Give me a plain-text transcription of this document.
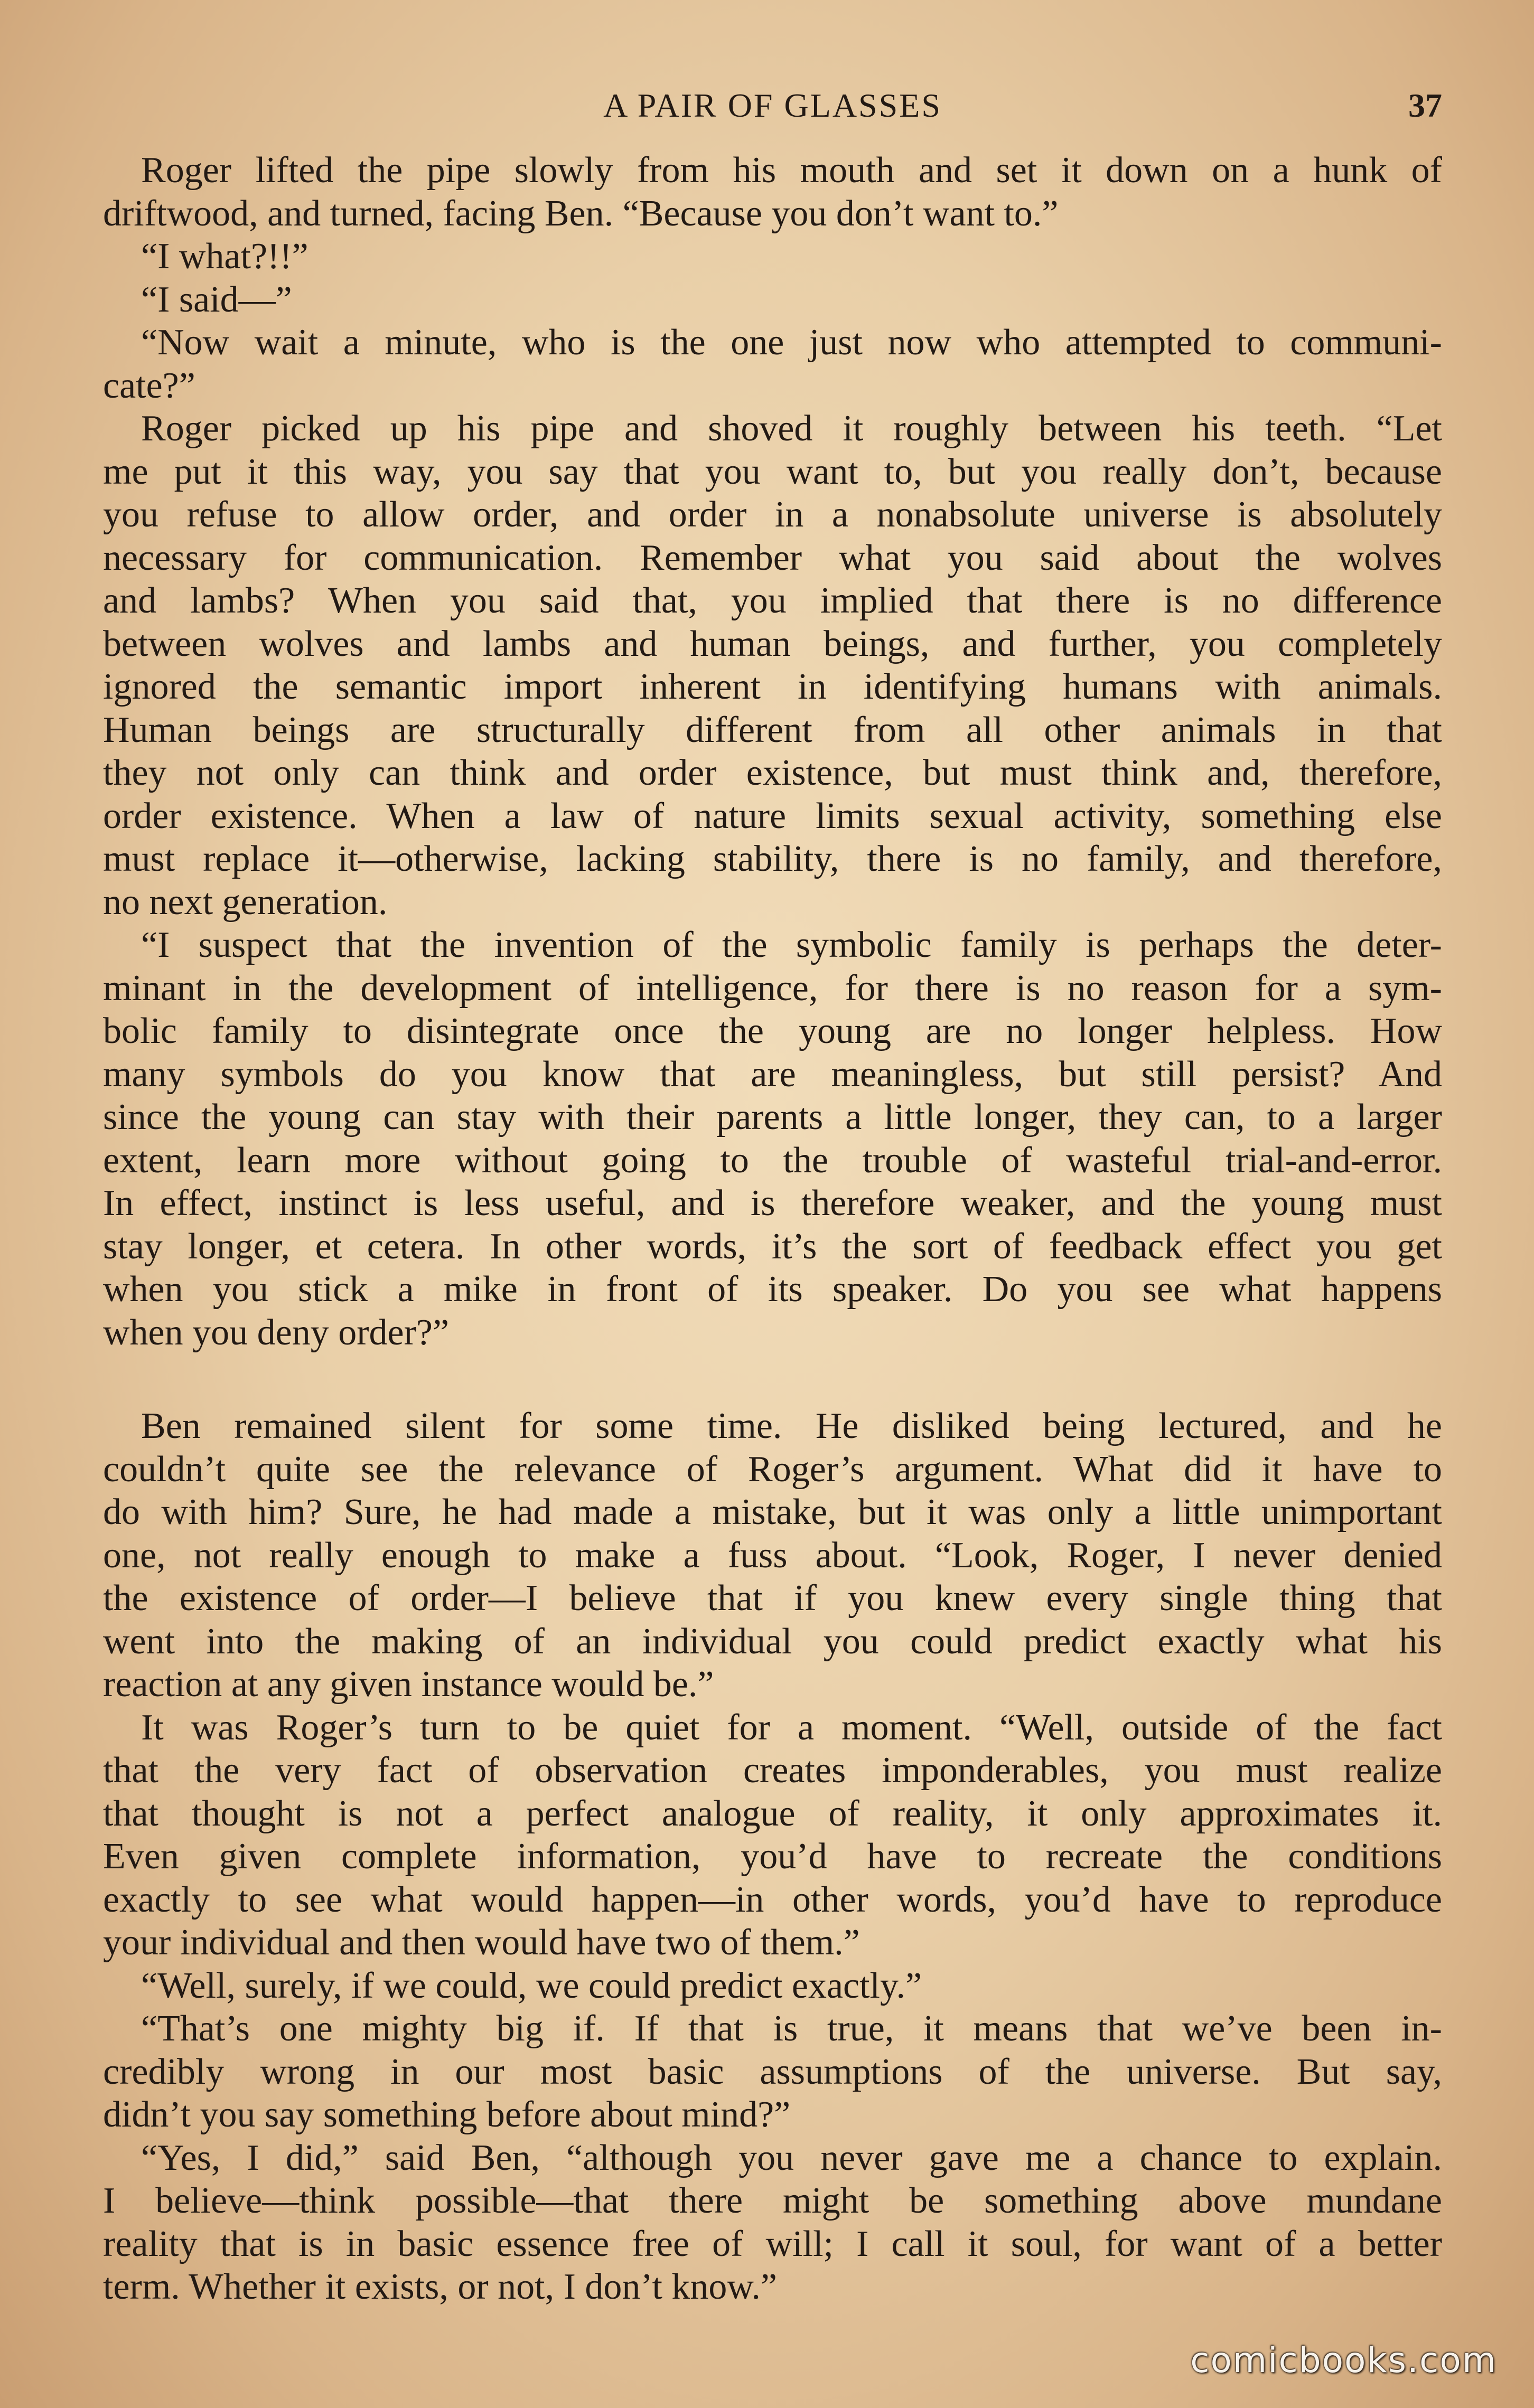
A PAIR OF GLASSES	37

Roger lifted the pipe slowly from his mouth and set it down on a hunk of
driftwood, and turned, facing Ben. “Because you don’t want to.”

“I what?!!”

“I said—”

“Now wait a minute, who is the one just now who attempted to communi-
cate?”

Roger picked up his pipe and shoved it roughly between his teeth. “Let
me put it this way, you say that you want to, but you really don’t, because
you refuse to allow order, and order in a nonabsolute universe is absolutely
necessary for communication. Remember what you said about the wolves
and lambs? When you said that, you implied that there is no difference
between wolves and lambs and human beings, and further, you completely
ignored the semantic import inherent in identifying humans with animals.
Human beings are structurally different from all other animals in that
they not only can think and order existence, but must think and, therefore,
order existence. When a law of nature limits sexual activity, something else
must replace it—otherwise, lacking stability, there is no family, and therefore,
no next generation.

“I suspect that the invention of the symbolic family is perhaps the deter-
minant in the development of intelligence, for there is no reason for a sym-
bolic family to disintegrate once the young are no longer helpless. How
many symbols do you know that are meaningless, but still persist? And
since the young can stay with their parents a little longer, they can, to a larger
extent, learn more without going to the trouble of wasteful trial-and-error.
In effect, instinct is less useful, and is therefore weaker, and the young must
stay longer, et cetera. In other words, it’s the sort of feedback effect you get
when you stick a mike in front of its speaker. Do you see what happens
when you deny order?”

Ben remained silent for some time. He disliked being lectured, and he
couldn’t quite see the relevance of Roger’s argument. What did it have to
do with him? Sure, he had made a mistake, but it was only a little unimportant
one, not really enough to make a fuss about. “Look, Roger, I never denied
the existence of order—I believe that if you knew every single thing that
went into the making of an individual you could predict exactly what his
reaction at any given instance would be.”

It was Roger’s turn to be quiet for a moment. “Well, outside of the fact
that the very fact of observation creates imponderables, you must realize
that thought is not a perfect analogue of reality, it only approximates it.
Even given complete information, you’d have to recreate the conditions
exactly to see what would happen—in other words, you’d have to reproduce
your individual and then would have two of them.”

“Well, surely, if we could, we could predict exactly.”

“That’s one mighty big if. If that is true, it means that we’ve been in-
credibly wrong in our most basic assumptions of the universe. But say,
didn’t you say something before about mind?”

“Yes, I did,” said Ben, “although you never gave me a chance to explain.
I believe—think possible—that there might be something above mundane
reality that is in basic essence free of will; I call it soul, for want of a better
term. Whether it exists, or not, I don’t know.”

comicbooks.com
